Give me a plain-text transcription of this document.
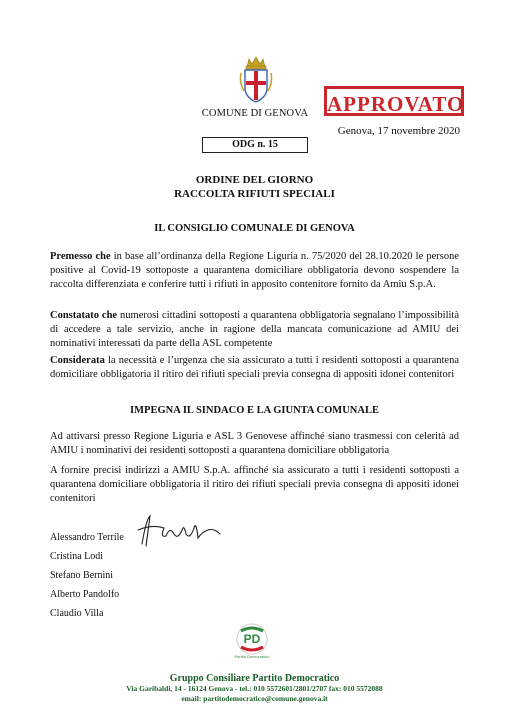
COMUNE DI GENOVA APPROVATO
Genova, 17 novembre 2020
ODG n. 15
ORDINE DEL GIORNO
RACCOLTA RIFIUTI SPECIALI
IL CONSIGLIO COMUNALE DI GENOVA
Premesso che in base all’ordinanza della Regione Liguria n. 75/2020 del 28.10.2020 le persone positive al Covid-19 sottoposte a quarantena domiciliare obbligatoria devono sospendere la raccolta differenziata e conferire tutti i rifiuti in apposito contenitore fornito da Amiu S.p.A.
Constatato che numerosi cittadini sottoposti a quarantena obbligatoria segnalano l’impossibilità di accedere a tale servizio, anche in ragione della mancata comunicazione ad AMIU dei nominativi interessati da parte della ASL competente
Considerata la necessità e l’urgenza che sia assicurato a tutti i residenti sottoposti a quarantena domiciliare obbligatoria il ritiro dei rifiuti speciali previa consegna di appositi idonei contenitori
IMPEGNA IL SINDACO E LA GIUNTA COMUNALE
Ad attivarsi presso Regione Liguria e ASL 3 Genovese affinché siano trasmessi con celerità ad AMIU i nominativi dei residenti sottoposti a quarantena domiciliare obbligatoria
A fornire precisi indirizzi a AMIU S.p.A. affinché sia assicurato a tutti i residenti sottoposti a quarantena domiciliare obbligatoria il ritiro dei rifiuti speciali previa consegna di appositi idonei contenitori
Alessandro Terrile
Cristina Lodi
Stefano Bernini
Alberto Pandolfo
Claudio Villa
PD
Partito Democratico
Gruppo Consiliare Partito Democratico
Via Garibaldi, 14 - 16124 Genova - tel.: 010 5572601/2801/2707 fax: 010 5572088
email: partitodemocratico@comune.genova.it
